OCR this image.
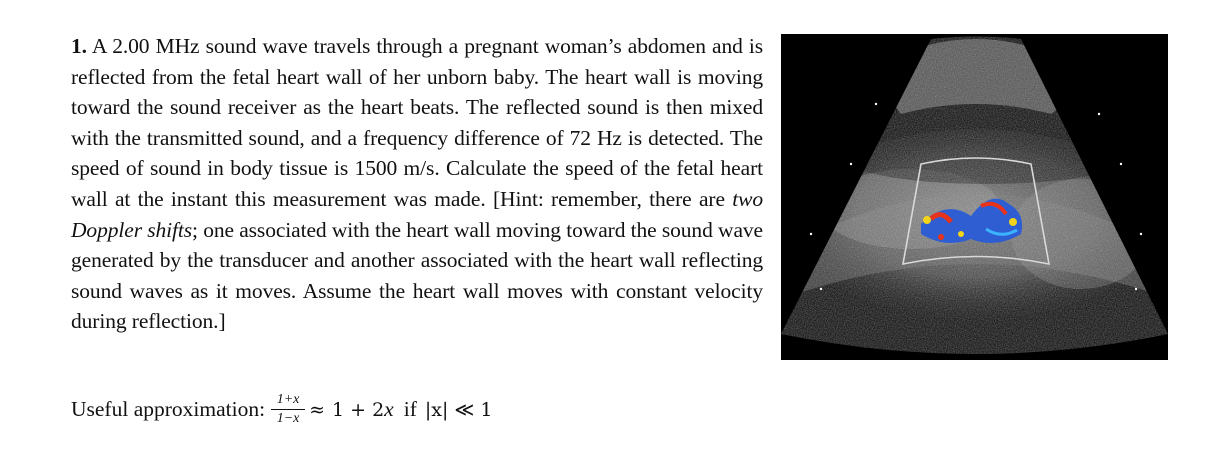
1. A 2.00 MHz sound wave travels through a pregnant woman’s abdomen and is reflected from the fetal heart wall of her unborn baby. The heart wall is moving toward the sound receiver as the heart beats. The reflected sound is then mixed with the transmitted sound, and a frequency difference of 72 Hz is detected. The speed of sound in body tissue is 1500 m/s. Calculate the speed of the fetal heart wall at the instant this measurement was made. [Hint: remember, there are two Doppler shifts; one associated with the heart wall moving toward the sound wave generated by the transducer and another associated with the heart wall reflecting sound waves as it moves. Assume the heart wall moves with constant velocity during reflection.]
Useful approximation: $\frac{1+x}{1-x} \approx 1 + 2$ x if |x| ≪ 1
